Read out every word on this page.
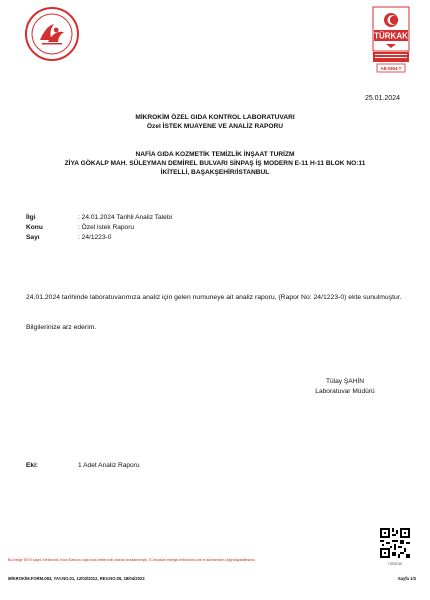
TÜRKAK
AB-0854-T
25.01.2024
MİKROKİM ÖZEL GIDA KONTROL LABORATUVARI
Özel İSTEK MUAYENE VE ANALİZ RAPORU
NAFİA GIDA KOZMETİK TEMİZLİK İNŞAAT TURİZM
ZİYA GÖKALP MAH. SÜLEYMAN DEMİREL BULVARI SİNPAŞ İŞ MODERN E-11 H-11 BLOK NO:11
İKİTELLİ, BAŞAKŞEHİR/İSTANBUL
İlgi	: 24.01.2024 Tarihli Analiz Talebi
Konu	: Özel istek Raporu
Sayı	: 24/1223-0
24.01.2024 tarihinde laboratuvarımıza analiz için gelen numuneye ait analiz raporu, (Rapor No: 24/1223-0) ekte sunulmuştur.
Bilgilerinize arz ederim.
Tülay ŞAHİN
Laboratuvar Müdürü
Eki:	1 Adet Analiz Raporu
TÜBİTAK
Bu belge 5070 sayılı Elektronik İmza Kanunu uyarınca elektronik olarak imzalanmıştır. E-İmzaları ebelge.mikrokim.com.tr adresinden doğrulayabilirsiniz.
MİKROKİM.FORM.083, YAY.NO.01, 12/03/2012, REV.NO.05, 18/04/2023	Sayfa 1/3
